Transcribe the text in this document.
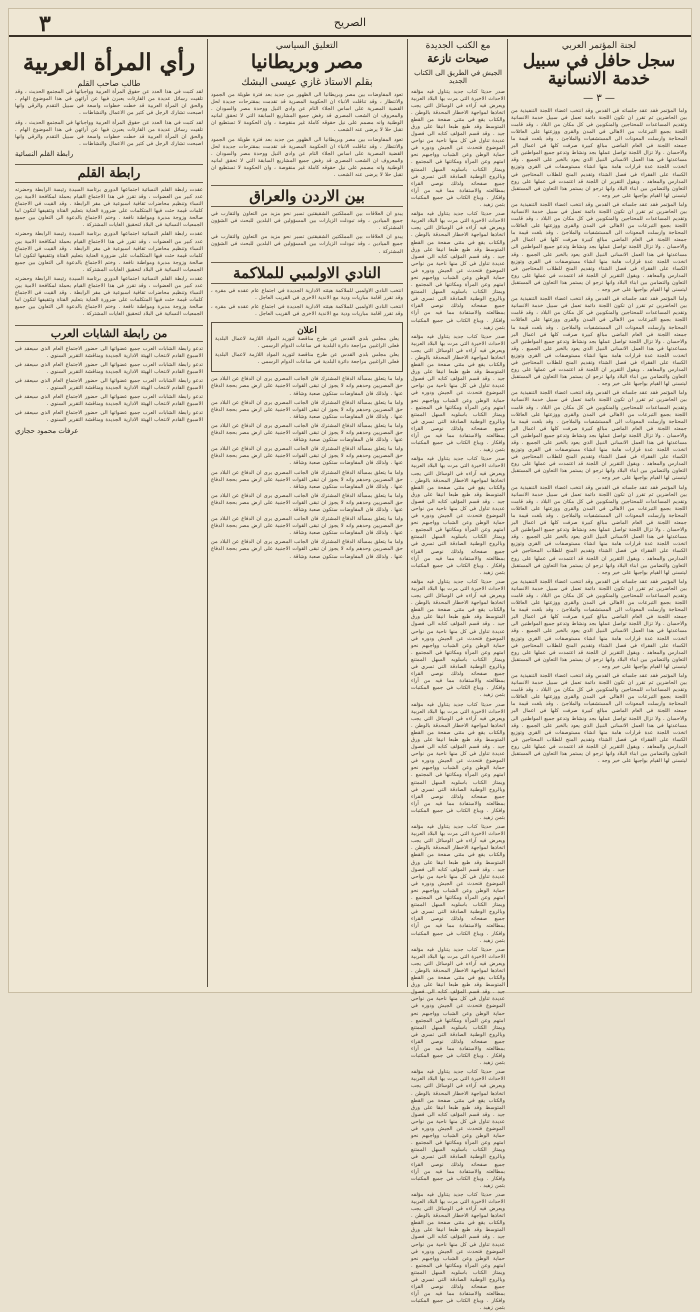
٣	الصريح
لجنة المؤتمر العربي
سجل حافل في سبيل خدمة الانسانية
— ٣ —

واما المؤتمر فقد عقد جلساته في القدس وقد انتخب اعضاء اللجنة التنفيذية من بين الحاضرين ثم تقرر ان تكون اللجنة دائمة تعمل في سبيل خدمة الانسانية وتقديم المساعدات للمحتاجين والمنكوبين في كل مكان من البلاد ، وقد قامت اللجنة بجمع التبرعات من الاهالي في المدن والقرى ووزعتها على العائلات المحتاجة وارسلت المعونات الى المستشفيات والملاجئ . وقد بلغت قيمة ما جمعته اللجنة في العام الماضي مبالغ كبيرة صرفت كلها في اعمال البر والاحسان . ولا تزال اللجنة تواصل عملها بجد ونشاط وتدعو جميع المواطنين الى مساعدتها في هذا العمل الانساني النبيل الذي يعود بالخير على الجميع . وقد اتخذت اللجنة عدة قرارات هامة منها انشاء مستوصفات في القرى وتوزيع الكساء على الفقراء في فصل الشتاء وتقديم المنح للطلاب المحتاجين في المدارس والمعاهد . ويقول التقرير ان اللجنة قد اعتمدت في عملها على روح التعاون والتضامن بين ابناء البلاد وانها ترجو ان يستمر هذا التعاون في المستقبل ليتسنى لها القيام بواجبها على خير وجه .

واما المؤتمر فقد عقد جلساته في القدس وقد انتخب اعضاء اللجنة التنفيذية من بين الحاضرين ثم تقرر ان تكون اللجنة دائمة تعمل في سبيل خدمة الانسانية وتقديم المساعدات للمحتاجين والمنكوبين في كل مكان من البلاد ، وقد قامت اللجنة بجمع التبرعات من الاهالي في المدن والقرى ووزعتها على العائلات المحتاجة وارسلت المعونات الى المستشفيات والملاجئ . وقد بلغت قيمة ما جمعته اللجنة في العام الماضي مبالغ كبيرة صرفت كلها في اعمال البر والاحسان . ولا تزال اللجنة تواصل عملها بجد ونشاط وتدعو جميع المواطنين الى مساعدتها في هذا العمل الانساني النبيل الذي يعود بالخير على الجميع . وقد اتخذت اللجنة عدة قرارات هامة منها انشاء مستوصفات في القرى وتوزيع الكساء على الفقراء في فصل الشتاء وتقديم المنح للطلاب المحتاجين في المدارس والمعاهد . ويقول التقرير ان اللجنة قد اعتمدت في عملها على روح التعاون والتضامن بين ابناء البلاد وانها ترجو ان يستمر هذا التعاون في المستقبل ليتسنى لها القيام بواجبها على خير وجه .

واما المؤتمر فقد عقد جلساته في القدس وقد انتخب اعضاء اللجنة التنفيذية من بين الحاضرين ثم تقرر ان تكون اللجنة دائمة تعمل في سبيل خدمة الانسانية وتقديم المساعدات للمحتاجين والمنكوبين في كل مكان من البلاد ، وقد قامت اللجنة بجمع التبرعات من الاهالي في المدن والقرى ووزعتها على العائلات المحتاجة وارسلت المعونات الى المستشفيات والملاجئ . وقد بلغت قيمة ما جمعته اللجنة في العام الماضي مبالغ كبيرة صرفت كلها في اعمال البر والاحسان . ولا تزال اللجنة تواصل عملها بجد ونشاط وتدعو جميع المواطنين الى مساعدتها في هذا العمل الانساني النبيل الذي يعود بالخير على الجميع . وقد اتخذت اللجنة عدة قرارات هامة منها انشاء مستوصفات في القرى وتوزيع الكساء على الفقراء في فصل الشتاء وتقديم المنح للطلاب المحتاجين في المدارس والمعاهد . ويقول التقرير ان اللجنة قد اعتمدت في عملها على روح التعاون والتضامن بين ابناء البلاد وانها ترجو ان يستمر هذا التعاون في المستقبل ليتسنى لها القيام بواجبها على خير وجه .

واما المؤتمر فقد عقد جلساته في القدس وقد انتخب اعضاء اللجنة التنفيذية من بين الحاضرين ثم تقرر ان تكون اللجنة دائمة تعمل في سبيل خدمة الانسانية وتقديم المساعدات للمحتاجين والمنكوبين في كل مكان من البلاد ، وقد قامت اللجنة بجمع التبرعات من الاهالي في المدن والقرى ووزعتها على العائلات المحتاجة وارسلت المعونات الى المستشفيات والملاجئ . وقد بلغت قيمة ما جمعته اللجنة في العام الماضي مبالغ كبيرة صرفت كلها في اعمال البر والاحسان . ولا تزال اللجنة تواصل عملها بجد ونشاط وتدعو جميع المواطنين الى مساعدتها في هذا العمل الانساني النبيل الذي يعود بالخير على الجميع . وقد اتخذت اللجنة عدة قرارات هامة منها انشاء مستوصفات في القرى وتوزيع الكساء على الفقراء في فصل الشتاء وتقديم المنح للطلاب المحتاجين في المدارس والمعاهد . ويقول التقرير ان اللجنة قد اعتمدت في عملها على روح التعاون والتضامن بين ابناء البلاد وانها ترجو ان يستمر هذا التعاون في المستقبل ليتسنى لها القيام بواجبها على خير وجه .

واما المؤتمر فقد عقد جلساته في القدس وقد انتخب اعضاء اللجنة التنفيذية من بين الحاضرين ثم تقرر ان تكون اللجنة دائمة تعمل في سبيل خدمة الانسانية وتقديم المساعدات للمحتاجين والمنكوبين في كل مكان من البلاد ، وقد قامت اللجنة بجمع التبرعات من الاهالي في المدن والقرى ووزعتها على العائلات المحتاجة وارسلت المعونات الى المستشفيات والملاجئ . وقد بلغت قيمة ما جمعته اللجنة في العام الماضي مبالغ كبيرة صرفت كلها في اعمال البر والاحسان . ولا تزال اللجنة تواصل عملها بجد ونشاط وتدعو جميع المواطنين الى مساعدتها في هذا العمل الانساني النبيل الذي يعود بالخير على الجميع . وقد اتخذت اللجنة عدة قرارات هامة منها انشاء مستوصفات في القرى وتوزيع الكساء على الفقراء في فصل الشتاء وتقديم المنح للطلاب المحتاجين في المدارس والمعاهد . ويقول التقرير ان اللجنة قد اعتمدت في عملها على روح التعاون والتضامن بين ابناء البلاد وانها ترجو ان يستمر هذا التعاون في المستقبل ليتسنى لها القيام بواجبها على خير وجه .

واما المؤتمر فقد عقد جلساته في القدس وقد انتخب اعضاء اللجنة التنفيذية من بين الحاضرين ثم تقرر ان تكون اللجنة دائمة تعمل في سبيل خدمة الانسانية وتقديم المساعدات للمحتاجين والمنكوبين في كل مكان من البلاد ، وقد قامت اللجنة بجمع التبرعات من الاهالي في المدن والقرى ووزعتها على العائلات المحتاجة وارسلت المعونات الى المستشفيات والملاجئ . وقد بلغت قيمة ما جمعته اللجنة في العام الماضي مبالغ كبيرة صرفت كلها في اعمال البر والاحسان . ولا تزال اللجنة تواصل عملها بجد ونشاط وتدعو جميع المواطنين الى مساعدتها في هذا العمل الانساني النبيل الذي يعود بالخير على الجميع . وقد اتخذت اللجنة عدة قرارات هامة منها انشاء مستوصفات في القرى وتوزيع الكساء على الفقراء في فصل الشتاء وتقديم المنح للطلاب المحتاجين في المدارس والمعاهد . ويقول التقرير ان اللجنة قد اعتمدت في عملها على روح التعاون والتضامن بين ابناء البلاد وانها ترجو ان يستمر هذا التعاون في المستقبل ليتسنى لها القيام بواجبها على خير وجه .

واما المؤتمر فقد عقد جلساته في القدس وقد انتخب اعضاء اللجنة التنفيذية من بين الحاضرين ثم تقرر ان تكون اللجنة دائمة تعمل في سبيل خدمة الانسانية وتقديم المساعدات للمحتاجين والمنكوبين في كل مكان من البلاد ، وقد قامت اللجنة بجمع التبرعات من الاهالي في المدن والقرى ووزعتها على العائلات المحتاجة وارسلت المعونات الى المستشفيات والملاجئ . وقد بلغت قيمة ما جمعته اللجنة في العام الماضي مبالغ كبيرة صرفت كلها في اعمال البر والاحسان . ولا تزال اللجنة تواصل عملها بجد ونشاط وتدعو جميع المواطنين الى مساعدتها في هذا العمل الانساني النبيل الذي يعود بالخير على الجميع . وقد اتخذت اللجنة عدة قرارات هامة منها انشاء مستوصفات في القرى وتوزيع الكساء على الفقراء في فصل الشتاء وتقديم المنح للطلاب المحتاجين في المدارس والمعاهد . ويقول التقرير ان اللجنة قد اعتمدت في عملها على روح التعاون والتضامن بين ابناء البلاد وانها ترجو ان يستمر هذا التعاون في المستقبل ليتسنى لها القيام بواجبها على خير وجه .

مع الكتب الجديدة
صيحات نازعة
الجيش في الطريق الى الكتاب الجديد

صدر حديثا كتاب جديد يتناول فيه مؤلفه الاحداث الاخيرة التي مرت بها البلاد العربية ويعرض فيه آراءه في الوسائل التي يجب اتخاذها لمواجهة الاخطار المحدقة بالوطن . والكتاب يقع في مئتي صفحة من القطع المتوسط وقد طبع طبعا انيقا على ورق جيد . وقد قسم المؤلف كتابه الى فصول عديدة تناول في كل منها ناحية من نواحي الموضوع فتحدث عن الجيش ودوره في حماية الوطن وعن الشباب وواجبهم نحو امتهم وعن المرأة ومكانتها في المجتمع . ويمتاز الكتاب باسلوبه السهل الممتنع وبالروح الوطنية الصادقة التي تسري في جميع صفحاته ولذلك نوصي القراء بمطالعته والاستفادة مما فيه من آراء وافكار . ويباع الكتاب في جميع المكتبات بثمن زهيد .

صدر حديثا كتاب جديد يتناول فيه مؤلفه الاحداث الاخيرة التي مرت بها البلاد العربية ويعرض فيه آراءه في الوسائل التي يجب اتخاذها لمواجهة الاخطار المحدقة بالوطن . والكتاب يقع في مئتي صفحة من القطع المتوسط وقد طبع طبعا انيقا على ورق جيد . وقد قسم المؤلف كتابه الى فصول عديدة تناول في كل منها ناحية من نواحي الموضوع فتحدث عن الجيش ودوره في حماية الوطن وعن الشباب وواجبهم نحو امتهم وعن المرأة ومكانتها في المجتمع . ويمتاز الكتاب باسلوبه السهل الممتنع وبالروح الوطنية الصادقة التي تسري في جميع صفحاته ولذلك نوصي القراء بمطالعته والاستفادة مما فيه من آراء وافكار . ويباع الكتاب في جميع المكتبات بثمن زهيد .

صدر حديثا كتاب جديد يتناول فيه مؤلفه الاحداث الاخيرة التي مرت بها البلاد العربية ويعرض فيه آراءه في الوسائل التي يجب اتخاذها لمواجهة الاخطار المحدقة بالوطن . والكتاب يقع في مئتي صفحة من القطع المتوسط وقد طبع طبعا انيقا على ورق جيد . وقد قسم المؤلف كتابه الى فصول عديدة تناول في كل منها ناحية من نواحي الموضوع فتحدث عن الجيش ودوره في حماية الوطن وعن الشباب وواجبهم نحو امتهم وعن المرأة ومكانتها في المجتمع . ويمتاز الكتاب باسلوبه السهل الممتنع وبالروح الوطنية الصادقة التي تسري في جميع صفحاته ولذلك نوصي القراء بمطالعته والاستفادة مما فيه من آراء وافكار . ويباع الكتاب في جميع المكتبات بثمن زهيد .

صدر حديثا كتاب جديد يتناول فيه مؤلفه الاحداث الاخيرة التي مرت بها البلاد العربية ويعرض فيه آراءه في الوسائل التي يجب اتخاذها لمواجهة الاخطار المحدقة بالوطن . والكتاب يقع في مئتي صفحة من القطع المتوسط وقد طبع طبعا انيقا على ورق جيد . وقد قسم المؤلف كتابه الى فصول عديدة تناول في كل منها ناحية من نواحي الموضوع فتحدث عن الجيش ودوره في حماية الوطن وعن الشباب وواجبهم نحو امتهم وعن المرأة ومكانتها في المجتمع . ويمتاز الكتاب باسلوبه السهل الممتنع وبالروح الوطنية الصادقة التي تسري في جميع صفحاته ولذلك نوصي القراء بمطالعته والاستفادة مما فيه من آراء وافكار . ويباع الكتاب في جميع المكتبات بثمن زهيد .

صدر حديثا كتاب جديد يتناول فيه مؤلفه الاحداث الاخيرة التي مرت بها البلاد العربية ويعرض فيه آراءه في الوسائل التي يجب اتخاذها لمواجهة الاخطار المحدقة بالوطن . والكتاب يقع في مئتي صفحة من القطع المتوسط وقد طبع طبعا انيقا على ورق جيد . وقد قسم المؤلف كتابه الى فصول عديدة تناول في كل منها ناحية من نواحي الموضوع فتحدث عن الجيش ودوره في حماية الوطن وعن الشباب وواجبهم نحو امتهم وعن المرأة ومكانتها في المجتمع . ويمتاز الكتاب باسلوبه السهل الممتنع وبالروح الوطنية الصادقة التي تسري في جميع صفحاته ولذلك نوصي القراء بمطالعته والاستفادة مما فيه من آراء وافكار . ويباع الكتاب في جميع المكتبات بثمن زهيد .

صدر حديثا كتاب جديد يتناول فيه مؤلفه الاحداث الاخيرة التي مرت بها البلاد العربية ويعرض فيه آراءه في الوسائل التي يجب اتخاذها لمواجهة الاخطار المحدقة بالوطن . والكتاب يقع في مئتي صفحة من القطع المتوسط وقد طبع طبعا انيقا على ورق جيد . وقد قسم المؤلف كتابه الى فصول عديدة تناول في كل منها ناحية من نواحي الموضوع فتحدث عن الجيش ودوره في حماية الوطن وعن الشباب وواجبهم نحو امتهم وعن المرأة ومكانتها في المجتمع . ويمتاز الكتاب باسلوبه السهل الممتنع وبالروح الوطنية الصادقة التي تسري في جميع صفحاته ولذلك نوصي القراء بمطالعته والاستفادة مما فيه من آراء وافكار . ويباع الكتاب في جميع المكتبات بثمن زهيد .

صدر حديثا كتاب جديد يتناول فيه مؤلفه الاحداث الاخيرة التي مرت بها البلاد العربية ويعرض فيه آراءه في الوسائل التي يجب اتخاذها لمواجهة الاخطار المحدقة بالوطن . والكتاب يقع في مئتي صفحة من القطع المتوسط وقد طبع طبعا انيقا على ورق جيد . وقد قسم المؤلف كتابه الى فصول عديدة تناول في كل منها ناحية من نواحي الموضوع فتحدث عن الجيش ودوره في حماية الوطن وعن الشباب وواجبهم نحو امتهم وعن المرأة ومكانتها في المجتمع . ويمتاز الكتاب باسلوبه السهل الممتنع وبالروح الوطنية الصادقة التي تسري في جميع صفحاته ولذلك نوصي القراء بمطالعته والاستفادة مما فيه من آراء وافكار . ويباع الكتاب في جميع المكتبات بثمن زهيد .

صدر حديثا كتاب جديد يتناول فيه مؤلفه الاحداث الاخيرة التي مرت بها البلاد العربية ويعرض فيه آراءه في الوسائل التي يجب اتخاذها لمواجهة الاخطار المحدقة بالوطن . والكتاب يقع في مئتي صفحة من القطع المتوسط وقد طبع طبعا انيقا على ورق جيد . وقد قسم المؤلف كتابه الى فصول عديدة تناول في كل منها ناحية من نواحي الموضوع فتحدث عن الجيش ودوره في حماية الوطن وعن الشباب وواجبهم نحو امتهم وعن المرأة ومكانتها في المجتمع . ويمتاز الكتاب باسلوبه السهل الممتنع وبالروح الوطنية الصادقة التي تسري في جميع صفحاته ولذلك نوصي القراء بمطالعته والاستفادة مما فيه من آراء وافكار . ويباع الكتاب في جميع المكتبات بثمن زهيد .

صدر حديثا كتاب جديد يتناول فيه مؤلفه الاحداث الاخيرة التي مرت بها البلاد العربية ويعرض فيه آراءه في الوسائل التي يجب اتخاذها لمواجهة الاخطار المحدقة بالوطن . والكتاب يقع في مئتي صفحة من القطع المتوسط وقد طبع طبعا انيقا على ورق جيد . وقد قسم المؤلف كتابه الى فصول عديدة تناول في كل منها ناحية من نواحي الموضوع فتحدث عن الجيش ودوره في حماية الوطن وعن الشباب وواجبهم نحو امتهم وعن المرأة ومكانتها في المجتمع . ويمتاز الكتاب باسلوبه السهل الممتنع وبالروح الوطنية الصادقة التي تسري في جميع صفحاته ولذلك نوصي القراء بمطالعته والاستفادة مما فيه من آراء وافكار . ويباع الكتاب في جميع المكتبات بثمن زهيد .

صدر حديثا كتاب جديد يتناول فيه مؤلفه الاحداث الاخيرة التي مرت بها البلاد العربية ويعرض فيه آراءه في الوسائل التي يجب اتخاذها لمواجهة الاخطار المحدقة بالوطن . والكتاب يقع في مئتي صفحة من القطع المتوسط وقد طبع طبعا انيقا على ورق جيد . وقد قسم المؤلف كتابه الى فصول عديدة تناول في كل منها ناحية من نواحي الموضوع فتحدث عن الجيش ودوره في حماية الوطن وعن الشباب وواجبهم نحو امتهم وعن المرأة ومكانتها في المجتمع . ويمتاز الكتاب باسلوبه السهل الممتنع وبالروح الوطنية الصادقة التي تسري في جميع صفحاته ولذلك نوصي القراء بمطالعته والاستفادة مما فيه من آراء وافكار . ويباع الكتاب في جميع المكتبات بثمن زهيد .

التعليق السياسي
مصر وبريطانيا
بقلم الاستاذ غازي عيسى البشك

تعود المفاوضات بين مصر وبريطانيا الى الظهور من جديد بعد فترة طويلة من الجمود والانتظار ، وقد تناقلت الانباء ان الحكومة المصرية قد تقدمت بمقترحات جديدة لحل القضية المصرية على اساس الجلاء التام عن وادي النيل ووحدة مصر والسودان . والمعروف ان الشعب المصري قد رفض جميع المشاريع السابقة التي لا تحقق امانيه الوطنية وانه مصمم على نيل حقوقه كاملة غير منقوصة ، وان الحكومة لا تستطيع ان تقبل حلا لا يرضى عنه الشعب .

تعود المفاوضات بين مصر وبريطانيا الى الظهور من جديد بعد فترة طويلة من الجمود والانتظار ، وقد تناقلت الانباء ان الحكومة المصرية قد تقدمت بمقترحات جديدة لحل القضية المصرية على اساس الجلاء التام عن وادي النيل ووحدة مصر والسودان . والمعروف ان الشعب المصري قد رفض جميع المشاريع السابقة التي لا تحقق امانيه الوطنية وانه مصمم على نيل حقوقه كاملة غير منقوصة ، وان الحكومة لا تستطيع ان تقبل حلا لا يرضى عنه الشعب .

بين الاردن والعراق

يبدو ان العلاقات بين المملكتين الشقيقتين تسير نحو مزيد من التعاون والتقارب في جميع الميادين ، وقد تبودلت الزيارات بين المسؤولين في البلدين للبحث في الشؤون المشتركة .

يبدو ان العلاقات بين المملكتين الشقيقتين تسير نحو مزيد من التعاون والتقارب في جميع الميادين ، وقد تبودلت الزيارات بين المسؤولين في البلدين للبحث في الشؤون المشتركة .

النادي الاولمبي للملاكمة

انتخب النادي الاولمبي للملاكمة هيئته الادارية الجديدة في اجتماع عام عقده في مقره ، وقد تقرر اقامة مباريات ودية مع الاندية الاخرى في القريب العاجل .

انتخب النادي الاولمبي للملاكمة هيئته الادارية الجديدة في اجتماع عام عقده في مقره ، وقد تقرر اقامة مباريات ودية مع الاندية الاخرى في القريب العاجل .

اعلان

يعلن مجلس بلدي القدس عن طرح مناقصة لتوريد المواد اللازمة لاعمال البلدية فعلى الراغبين مراجعة دائرة البلدية في ساعات الدوام الرسمي .

يعلن مجلس بلدي القدس عن طرح مناقصة لتوريد المواد اللازمة لاعمال البلدية فعلى الراغبين مراجعة دائرة البلدية في ساعات الدوام الرسمي .

واما ما يتعلق بمسألة الدفاع المشترك فان الجانب المصري يرى ان الدفاع عن البلاد من حق المصريين وحدهم وانه لا يجوز ان تبقى القوات الاجنبية على ارض مصر بحجة الدفاع عنها . ولذلك فان المفاوضات ستكون صعبة وشاقة .

واما ما يتعلق بمسألة الدفاع المشترك فان الجانب المصري يرى ان الدفاع عن البلاد من حق المصريين وحدهم وانه لا يجوز ان تبقى القوات الاجنبية على ارض مصر بحجة الدفاع عنها . ولذلك فان المفاوضات ستكون صعبة وشاقة .

واما ما يتعلق بمسألة الدفاع المشترك فان الجانب المصري يرى ان الدفاع عن البلاد من حق المصريين وحدهم وانه لا يجوز ان تبقى القوات الاجنبية على ارض مصر بحجة الدفاع عنها . ولذلك فان المفاوضات ستكون صعبة وشاقة .

واما ما يتعلق بمسألة الدفاع المشترك فان الجانب المصري يرى ان الدفاع عن البلاد من حق المصريين وحدهم وانه لا يجوز ان تبقى القوات الاجنبية على ارض مصر بحجة الدفاع عنها . ولذلك فان المفاوضات ستكون صعبة وشاقة .

واما ما يتعلق بمسألة الدفاع المشترك فان الجانب المصري يرى ان الدفاع عن البلاد من حق المصريين وحدهم وانه لا يجوز ان تبقى القوات الاجنبية على ارض مصر بحجة الدفاع عنها . ولذلك فان المفاوضات ستكون صعبة وشاقة .

واما ما يتعلق بمسألة الدفاع المشترك فان الجانب المصري يرى ان الدفاع عن البلاد من حق المصريين وحدهم وانه لا يجوز ان تبقى القوات الاجنبية على ارض مصر بحجة الدفاع عنها . ولذلك فان المفاوضات ستكون صعبة وشاقة .

واما ما يتعلق بمسألة الدفاع المشترك فان الجانب المصري يرى ان الدفاع عن البلاد من حق المصريين وحدهم وانه لا يجوز ان تبقى القوات الاجنبية على ارض مصر بحجة الدفاع عنها . ولذلك فان المفاوضات ستكون صعبة وشاقة .

واما ما يتعلق بمسألة الدفاع المشترك فان الجانب المصري يرى ان الدفاع عن البلاد من حق المصريين وحدهم وانه لا يجوز ان تبقى القوات الاجنبية على ارض مصر بحجة الدفاع عنها . ولذلك فان المفاوضات ستكون صعبة وشاقة .

رأي المرأة العربية
طالب صاحب القلم

لقد كتبت في هذا العدد عن حقوق المرأة العربية وواجباتها في المجتمع الحديث ، وقد تلقيت رسائل عديدة من القارئات يعبرن فيها عن آرائهن في هذا الموضوع الهام . والحق ان المرأة العربية قد خطت خطوات واسعة في سبيل التقدم والرقي وانها اصبحت تشارك الرجل في كثير من الاعمال والنشاطات .

لقد كتبت في هذا العدد عن حقوق المرأة العربية وواجباتها في المجتمع الحديث ، وقد تلقيت رسائل عديدة من القارئات يعبرن فيها عن آرائهن في هذا الموضوع الهام . والحق ان المرأة العربية قد خطت خطوات واسعة في سبيل التقدم والرقي وانها اصبحت تشارك الرجل في كثير من الاعمال والنشاطات .

رابطة القلم النسائية
رابطة القلم

عقدت رابطة القلم النسائية اجتماعها الدوري برئاسة السيدة رئيسة الرابطة وحضرته عدد كبير من العضوات ، وقد تقرر في هذا الاجتماع القيام بحملة لمكافحة الامية بين النساء وتنظيم محاضرات ثقافية اسبوعية في مقر الرابطة . وقد القيت في الاجتماع كلمات قيمة حثت فيها المتكلمات على ضرورة العناية بتعليم الفتاة وتثقيفها لتكون اما صالحة وزوجة مدبرة ومواطنة نافعة . وختم الاجتماع بالدعوة الى التعاون بين جميع الجمعيات النسائية في البلاد لتحقيق الغايات المشتركة .

عقدت رابطة القلم النسائية اجتماعها الدوري برئاسة السيدة رئيسة الرابطة وحضرته عدد كبير من العضوات ، وقد تقرر في هذا الاجتماع القيام بحملة لمكافحة الامية بين النساء وتنظيم محاضرات ثقافية اسبوعية في مقر الرابطة . وقد القيت في الاجتماع كلمات قيمة حثت فيها المتكلمات على ضرورة العناية بتعليم الفتاة وتثقيفها لتكون اما صالحة وزوجة مدبرة ومواطنة نافعة . وختم الاجتماع بالدعوة الى التعاون بين جميع الجمعيات النسائية في البلاد لتحقيق الغايات المشتركة .

عقدت رابطة القلم النسائية اجتماعها الدوري برئاسة السيدة رئيسة الرابطة وحضرته عدد كبير من العضوات ، وقد تقرر في هذا الاجتماع القيام بحملة لمكافحة الامية بين النساء وتنظيم محاضرات ثقافية اسبوعية في مقر الرابطة . وقد القيت في الاجتماع كلمات قيمة حثت فيها المتكلمات على ضرورة العناية بتعليم الفتاة وتثقيفها لتكون اما صالحة وزوجة مدبرة ومواطنة نافعة . وختم الاجتماع بالدعوة الى التعاون بين جميع الجمعيات النسائية في البلاد لتحقيق الغايات المشتركة .

من رابطة الشابات العرب

تدعو رابطة الشابات العرب جميع عضواتها الى حضور الاجتماع العام الذي سيعقد في الاسبوع القادم لانتخاب الهيئة الادارية الجديدة ومناقشة التقرير السنوي .

تدعو رابطة الشابات العرب جميع عضواتها الى حضور الاجتماع العام الذي سيعقد في الاسبوع القادم لانتخاب الهيئة الادارية الجديدة ومناقشة التقرير السنوي .

تدعو رابطة الشابات العرب جميع عضواتها الى حضور الاجتماع العام الذي سيعقد في الاسبوع القادم لانتخاب الهيئة الادارية الجديدة ومناقشة التقرير السنوي .

تدعو رابطة الشابات العرب جميع عضواتها الى حضور الاجتماع العام الذي سيعقد في الاسبوع القادم لانتخاب الهيئة الادارية الجديدة ومناقشة التقرير السنوي .

تدعو رابطة الشابات العرب جميع عضواتها الى حضور الاجتماع العام الذي سيعقد في الاسبوع القادم لانتخاب الهيئة الادارية الجديدة ومناقشة التقرير السنوي .

عرفات محمود حجازي
